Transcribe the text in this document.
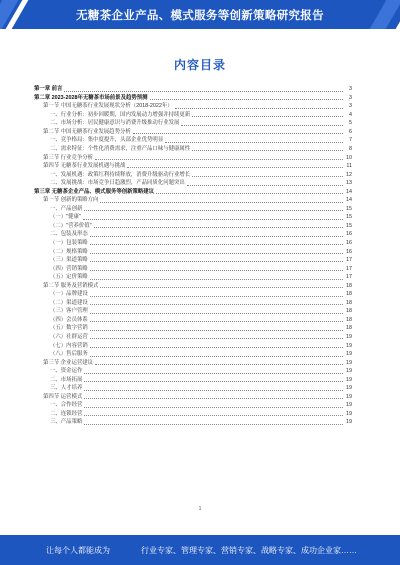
无糖茶企业产品、模式服务等创新策略研究报告
内容目录
第一章 前言	3
第二章 2023-2028年无糖茶市场前景及趋势预测	3
第一节 中国无糖茶行业发展现状分析（2018-2022年）	3
一、行业分析：初步回暖期，国内发展动力增强并持续更新	4
二、市场分析：居民健康意识与消费升级推动行业发展	5
第二节 中国无糖茶行业发展趋势分析	6
一、竞争格局：集中度提升，头部企业优势明显	7
二、需求特征：个性化消费需求，注重产品口味与健康属性	8
第三节 行业竞争分析	10
第四节 无糖茶行业发展机遇与挑战	11
一、发展机遇：政策红利持续释放，消费升级驱动行业增长	12
二、发展挑战：市场竞争日趋激烈，产品同质化问题突出	13
第三章 无糖茶企业产品、模式服务等创新策略建议	14
第一节 创新的策略方向	14
一、产品创新	15
（一）"健康"	15
（二）"营养价值"	15
二、包装及形态	16
（一）包装策略	16
（二）规格策略	16
（三）渠道策略	17
（四）营销策略	17
（五）定价策略	17
第二节 服务及营销模式	18
（一）品牌建设	18
（二）渠道建设	18
（三）客户管理	18
（四）会员体系	18
（五）数字营销	18
（六）社群运营	19
（七）内容营销	19
（八）售后服务	19
第三节 企业运营建议	19
一、资金运作	19
二、市场拓展	19
三、人才培养	19
第四节 运营模式	19
一、合作经营	19
二、连锁经营	19
三、产品策略	19
1
让每个人都能成为	行业专家、管理专家、营销专家、战略专家、成功企业家……
